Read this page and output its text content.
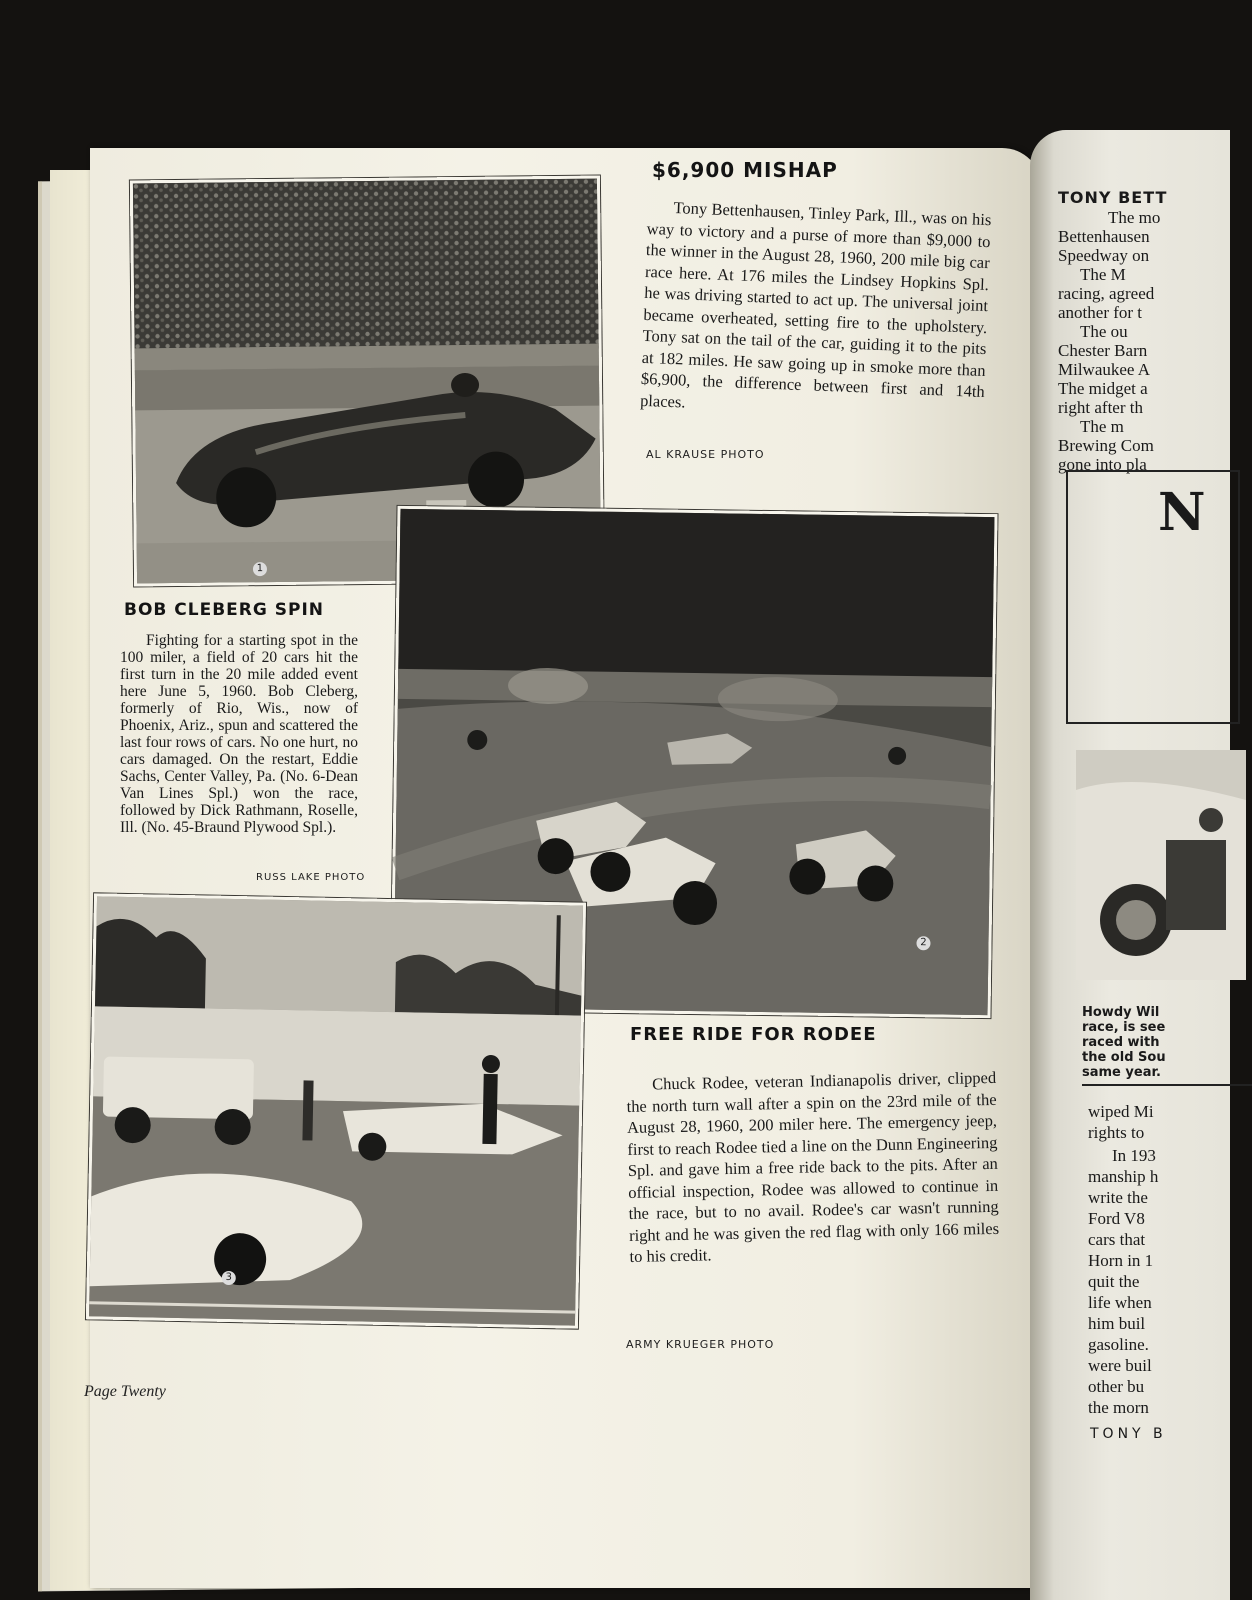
1
$6,900 MISHAP

Tony Bettenhausen, Tinley Park, Ill., was on his way to victory and a purse of more than $9,000 to the winner in the August 28, 1960, 200 mile big car race here. At 176 miles the Lindsey Hopkins Spl. he was driving started to act up. The universal joint became overheated, setting fire to the upholstery. Tony sat on the tail of the car, guiding it to the pits at 182 miles. He saw going up in smoke more than $6,900, the difference between first and 14th places.

AL KRAUSE PHOTO
2
BOB CLEBERG SPIN

Fighting for a starting spot in the 100 miler, a field of 20 cars hit the first turn in the 20 mile added event here June 5, 1960. Bob Cleberg, formerly of Rio, Wis., now of Phoenix, Ariz., spun and scattered the last four rows of cars. No one hurt, no cars damaged. On the restart, Eddie Sachs, Center Valley, Pa. (No. 6-Dean Van Lines Spl.) won the race, followed by Dick Rathmann, Roselle, Ill. (No. 45-Braund Plywood Spl.).

RUSS LAKE PHOTO
3
FREE RIDE FOR RODEE

Chuck Rodee, veteran Indianapolis driver, clipped the north turn wall after a spin on the 23rd mile of the August 28, 1960, 200 miler here. The emergency jeep, first to reach Rodee tied a line on the Dunn Engineering Spl. and gave him a free ride back to the pits. After an official inspection, Rodee was allowed to continue in the race, but to no avail. Rodee's car wasn't running right and he was given the red flag with only 166 miles to his credit.

ARMY KRUEGER PHOTO
Page Twenty
TONY BETT
The mo
Bettenhausen
Speedway on
The M
racing, agreed
another for t
The ou
Chester Barn
Milwaukee A
The midget a
right after th
The m
Brewing Com
gone into pla
N
Howdy Wil
race, is see
raced with
the old Sou
same year.
wiped Mi
rights to
In 193
manship h
write the
Ford V8
cars that
Horn in 1
quit the
life when
him buil
gasoline.
were buil
other bu
the morn
TONY B
